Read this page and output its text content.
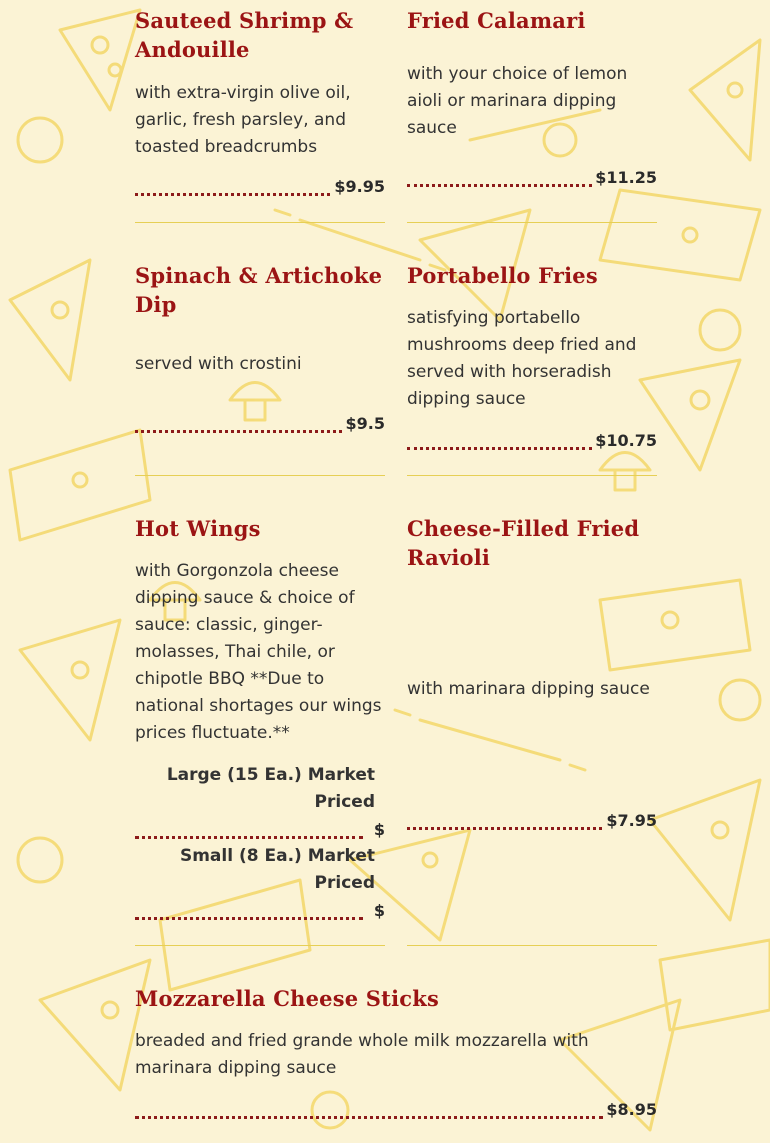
Sauteed Shrimp & Andouille

with extra-virgin olive oil, garlic, fresh parsley, and toasted breadcrumbs

$9.95
Fried Calamari

with your choice of lemon aioli or marinara dipping sauce

$11.25
Spinach & Artichoke Dip

served with crostini

$9.5
Portabello Fries

satisfying portabello mushrooms deep fried and served with horseradish dipping sauce

$10.75
Hot Wings

with Gorgonzola cheese dipping sauce & choice of sauce: classic, ginger-molasses, Thai chile, or chipotle BBQ **Due to national shortages our wings prices fluctuate.**

Large (15 Ea.) Market Priced
$
Small (8 Ea.) Market Priced
$
Cheese-Filled Fried Ravioli

with marinara dipping sauce

$7.95
Mozzarella Cheese Sticks

breaded and fried grande whole milk mozzarella with marinara dipping sauce

$8.95
